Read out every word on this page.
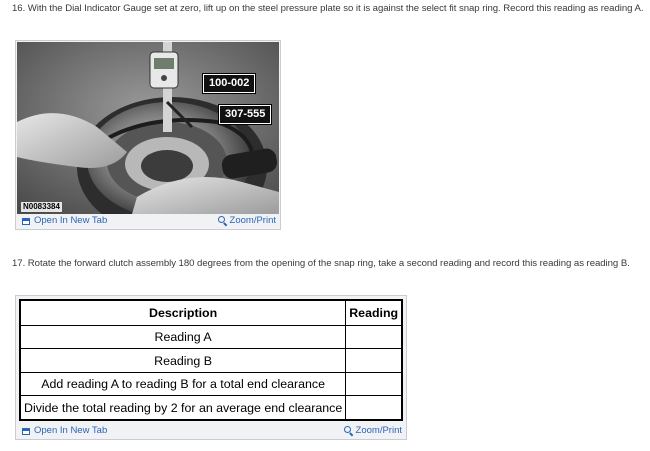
16. With the Dial Indicator Gauge set at zero, lift up on the steel pressure plate so it is against the select fit snap ring. Record this reading as reading A.
100-002
307-555
N0083384
Open In New Tab	Zoom/Print
17. Rotate the forward clutch assembly 180 degrees from the opening of the snap ring, take a second reading and record this reading as reading B.
Description	Reading
Reading A	
Reading B	
Add reading A to reading B for a total end clearance	
Divide the total reading by 2 for an average end clearance	
Open In New Tab	Zoom/Print
